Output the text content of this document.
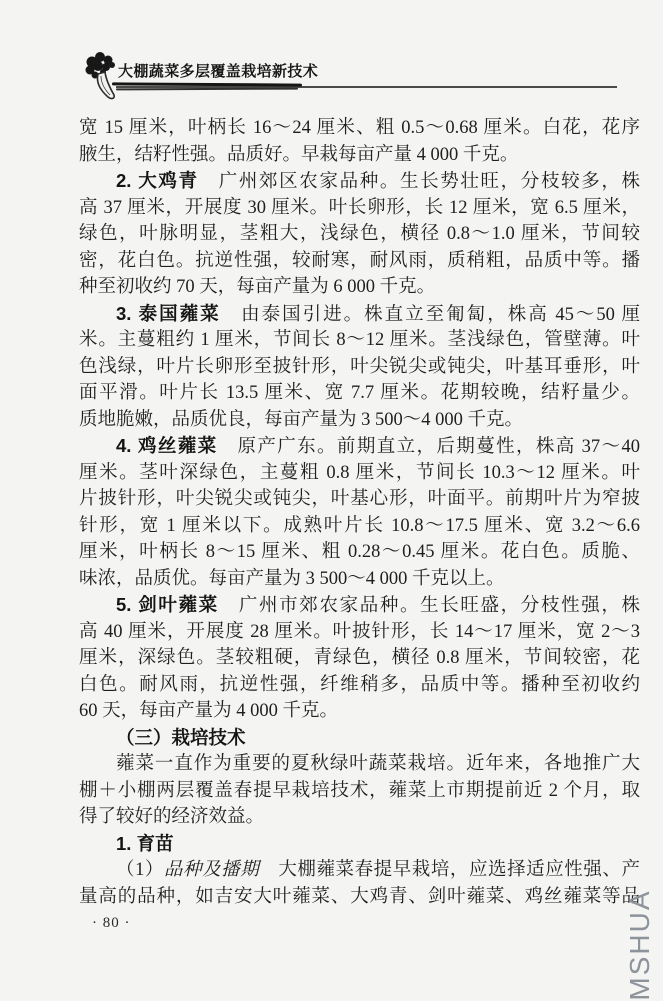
大棚蔬菜多层覆盖栽培新技术
宽 15 厘米，叶柄长 16～24 厘米、粗 0.5～0.68 厘米。白花，花序
腋生，结籽性强。品质好。早栽每亩产量 4 000 千克。
2. 大鸡青　广州郊区农家品种。生长势壮旺，分枝较多，株
高 37 厘米，开展度 30 厘米。叶长卵形，长 12 厘米，宽 6.5 厘米，
绿色，叶脉明显，茎粗大，浅绿色，横径 0.8～1.0 厘米，节间较
密，花白色。抗逆性强，较耐寒，耐风雨，质稍粗，品质中等。播
种至初收约 70 天，每亩产量为 6 000 千克。
3. 泰国蕹菜　由泰国引进。株直立至匍匐，株高 45～50 厘
米。主蔓粗约 1 厘米，节间长 8～12 厘米。茎浅绿色，管壁薄。叶
色浅绿，叶片长卵形至披针形，叶尖锐尖或钝尖，叶基耳垂形，叶
面平滑。叶片长 13.5 厘米、宽 7.7 厘米。花期较晚，结籽量少。
质地脆嫩，品质优良，每亩产量为 3 500～4 000 千克。
4. 鸡丝蕹菜　原产广东。前期直立，后期蔓性，株高 37～40
厘米。茎叶深绿色，主蔓粗 0.8 厘米，节间长 10.3～12 厘米。叶
片披针形，叶尖锐尖或钝尖，叶基心形，叶面平。前期叶片为窄披
针形，宽 1 厘米以下。成熟叶片长 10.8～17.5 厘米、宽 3.2～6.6
厘米，叶柄长 8～15 厘米、粗 0.28～0.45 厘米。花白色。质脆、
味浓，品质优。每亩产量为 3 500～4 000 千克以上。
5. 剑叶蕹菜　广州市郊农家品种。生长旺盛，分枝性强，株
高 40 厘米，开展度 28 厘米。叶披针形，长 14～17 厘米，宽 2～3
厘米，深绿色。茎较粗硬，青绿色，横径 0.8 厘米，节间较密，花
白色。耐风雨，抗逆性强，纤维稍多，品质中等。播种至初收约
60 天，每亩产量为 4 000 千克。
（三）栽培技术
蕹菜一直作为重要的夏秋绿叶蔬菜栽培。近年来，各地推广大
棚＋小棚两层覆盖春提早栽培技术，蕹菜上市期提前近 2 个月，取
得了较好的经济效益。
1. 育苗
（1）品种及播期　大棚蕹菜春提早栽培，应选择适应性强、产
量高的品种，如吉安大叶蕹菜、大鸡青、剑叶蕹菜、鸡丝蕹菜等品
· 80 ·	MSHUA
